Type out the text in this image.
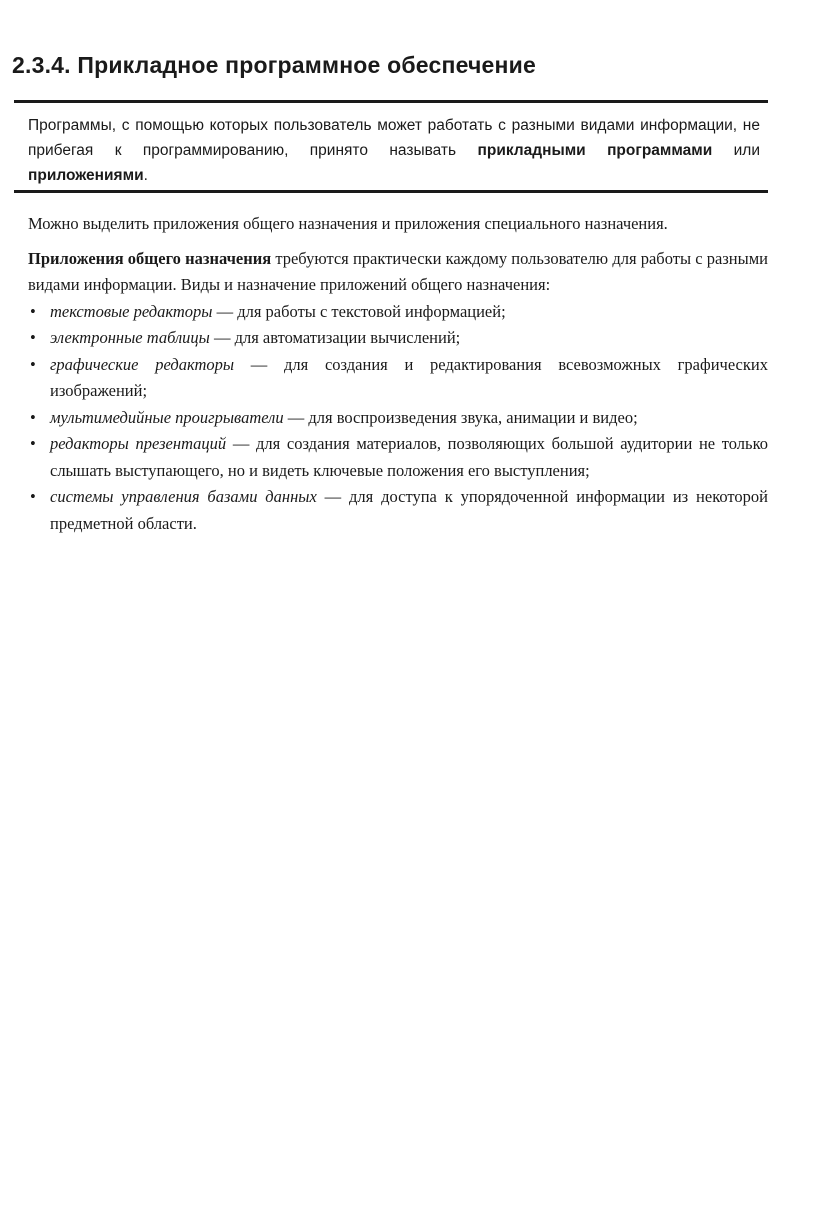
2.3.4. Прикладное программное обеспечение

Программы, с помощью которых пользователь может работать с разными видами информации, не прибегая к программированию, принято называть прикладными программами или приложениями.

Можно выделить приложения общего назначения и приложения специального назначения.

Приложения общего назначения требуются практически каждому пользователю для работы с разными видами информации. Виды и назначение приложений общего назначения:

• текстовые редакторы — для работы с текстовой информацией;
• электронные таблицы — для автоматизации вычислений;
• графические редакторы — для создания и редактирования всевозможных графических изображений;
• мультимедийные проигрыватели — для воспроизведения звука, анимации и видео;
• редакторы презентаций — для создания материалов, позволяющих большой аудитории не только слышать выступающего, но и видеть ключевые положения его выступления;
• системы управления базами данных — для доступа к упорядоченной информации из некоторой предметной области.
